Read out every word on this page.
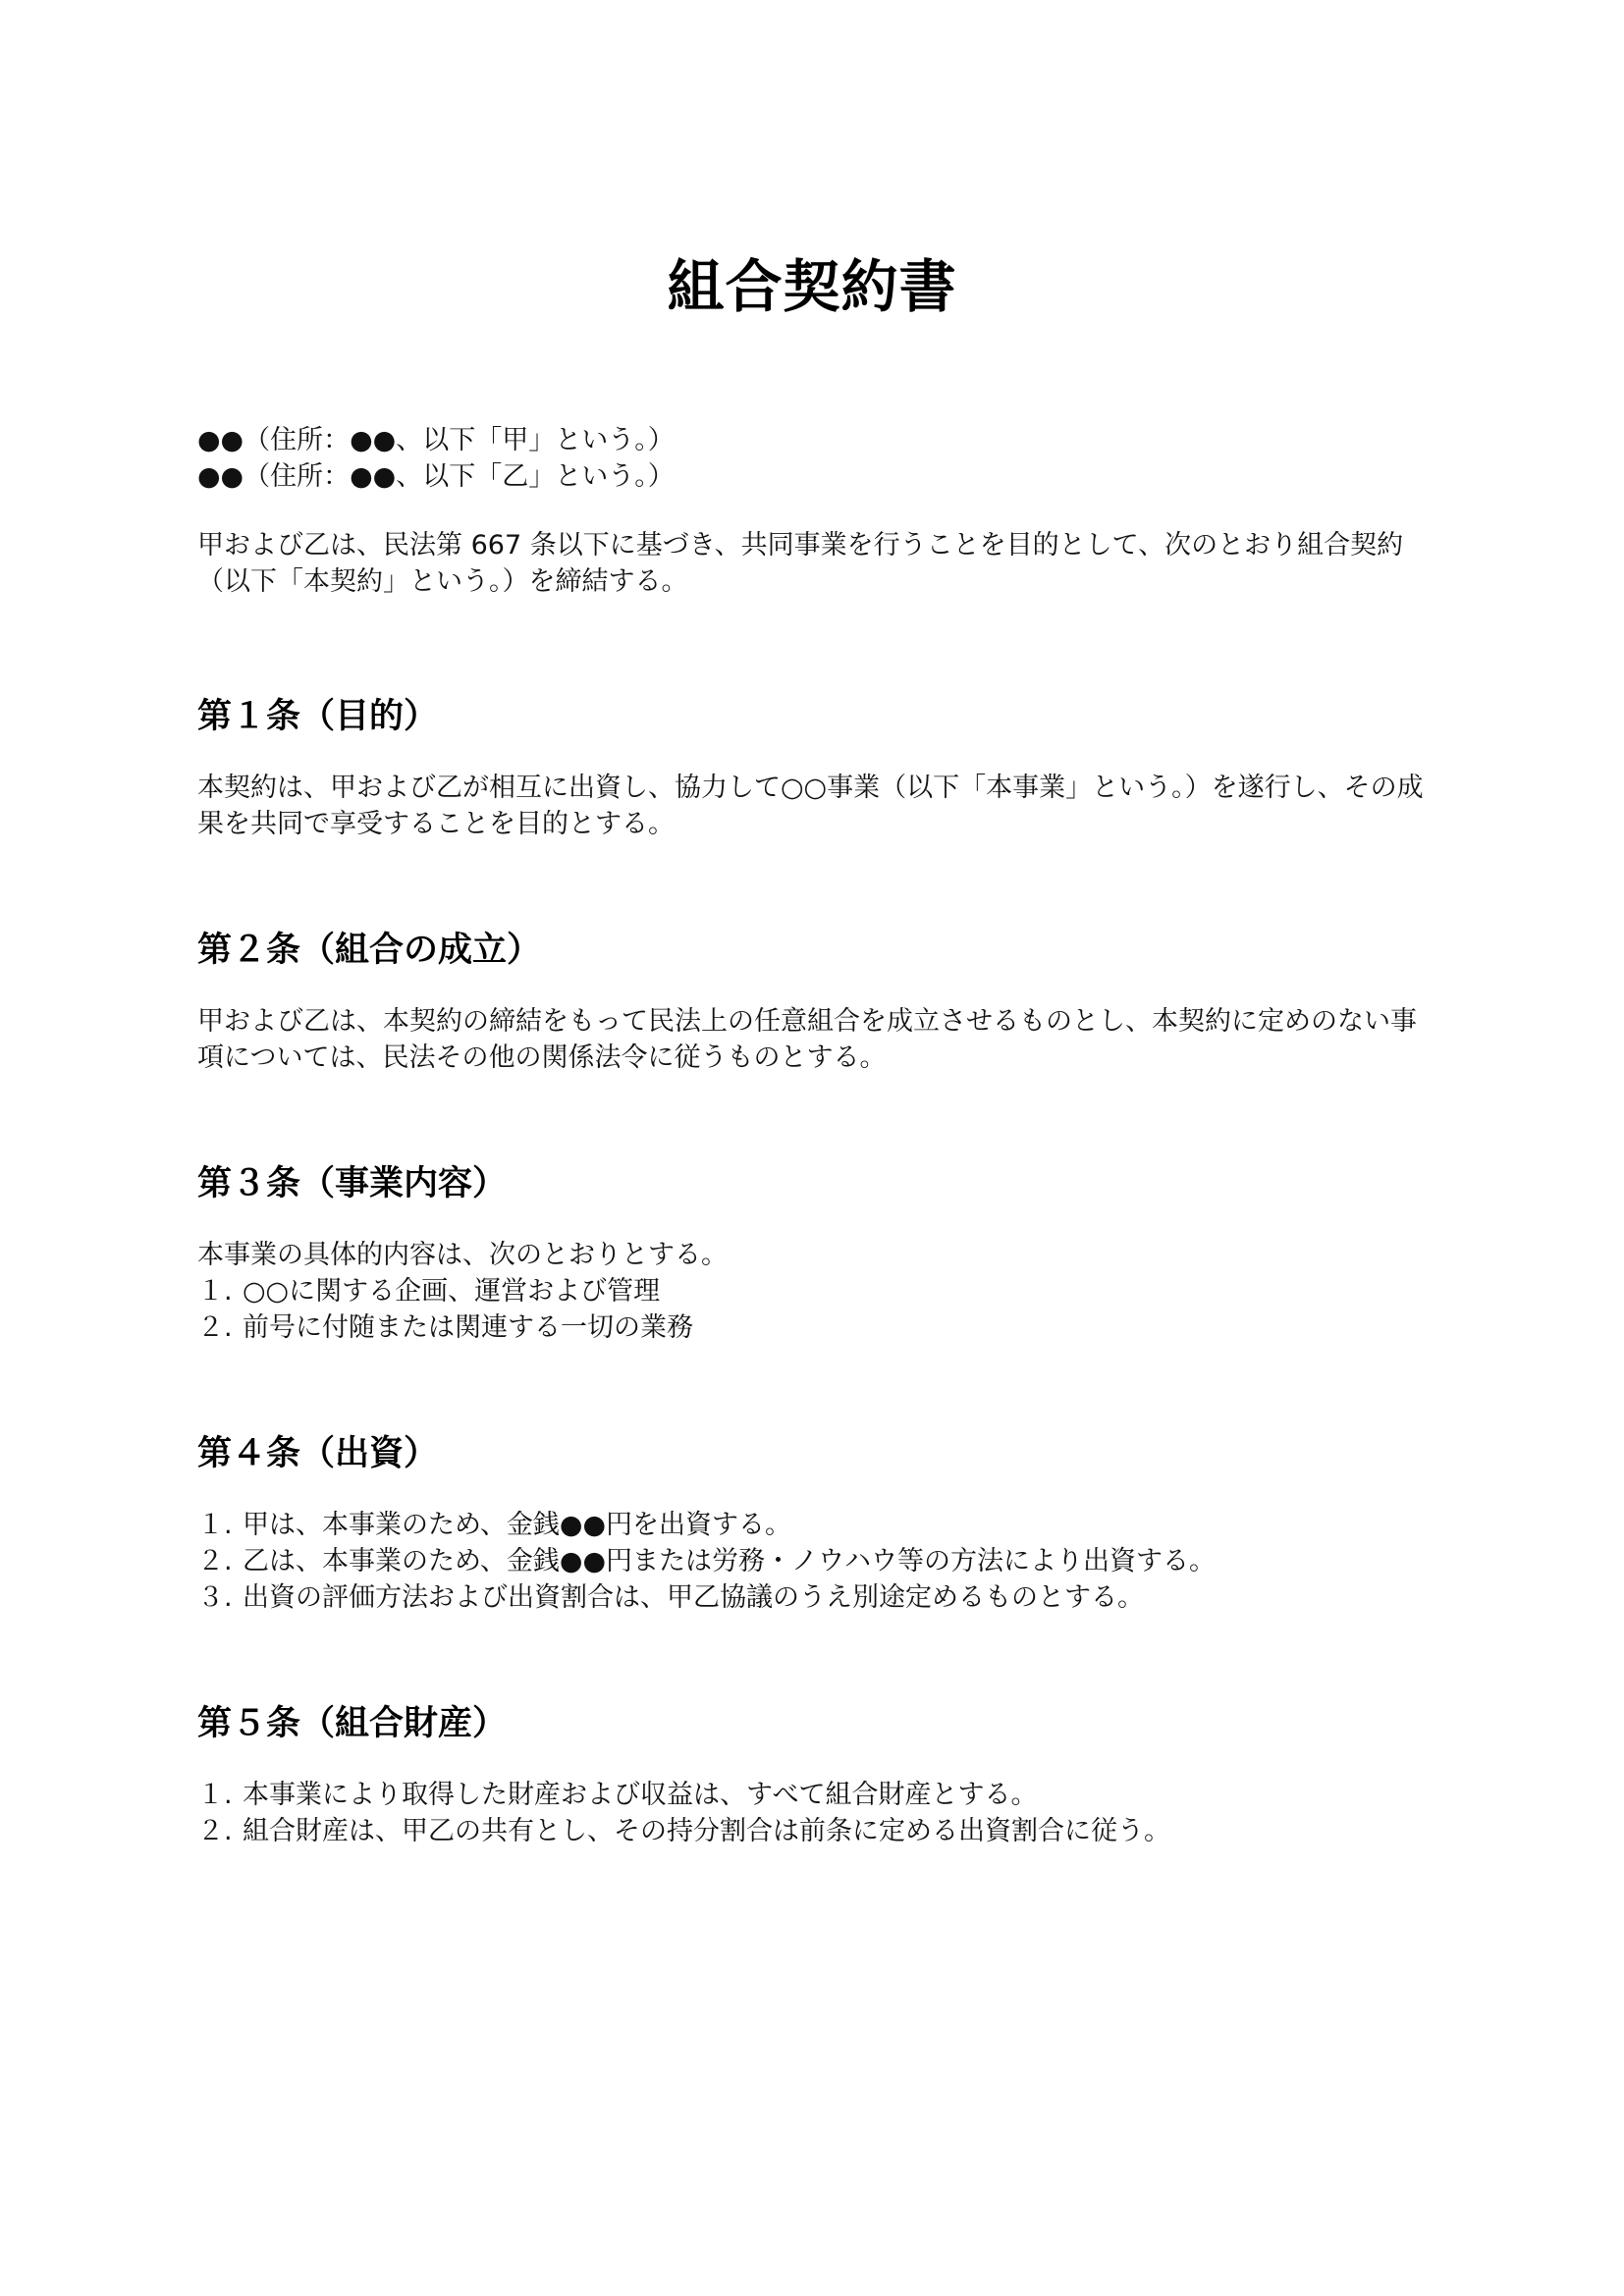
組合契約書

●●（住所：●●、以下「甲」という。）

●●（住所：●●、以下「乙」という。）

甲および乙は、民法第 667 条以下に基づき、共同事業を行うことを目的として、次のとおり組合契約（以下「本契約」という。）を締結する。

第１条（目的）

本契約は、甲および乙が相互に出資し、協力して○○事業（以下「本事業」という。）を遂行し、その成果を共同で享受することを目的とする。

第２条（組合の成立）

甲および乙は、本契約の締結をもって民法上の任意組合を成立させるものとし、本契約に定めのない事項については、民法その他の関係法令に従うものとする。

第３条（事業内容）

本事業の具体的内容は、次のとおりとする。

１. ○○に関する企画、運営および管理
２. 前号に付随または関連する一切の業務
第４条（出資）
１. 甲は、本事業のため、金銭●●円を出資する。
２. 乙は、本事業のため、金銭●●円または労務・ノウハウ等の方法により出資する。
３. 出資の評価方法および出資割合は、甲乙協議のうえ別途定めるものとする。
第５条（組合財産）
１. 本事業により取得した財産および収益は、すべて組合財産とする。
２. 組合財産は、甲乙の共有とし、その持分割合は前条に定める出資割合に従う。
